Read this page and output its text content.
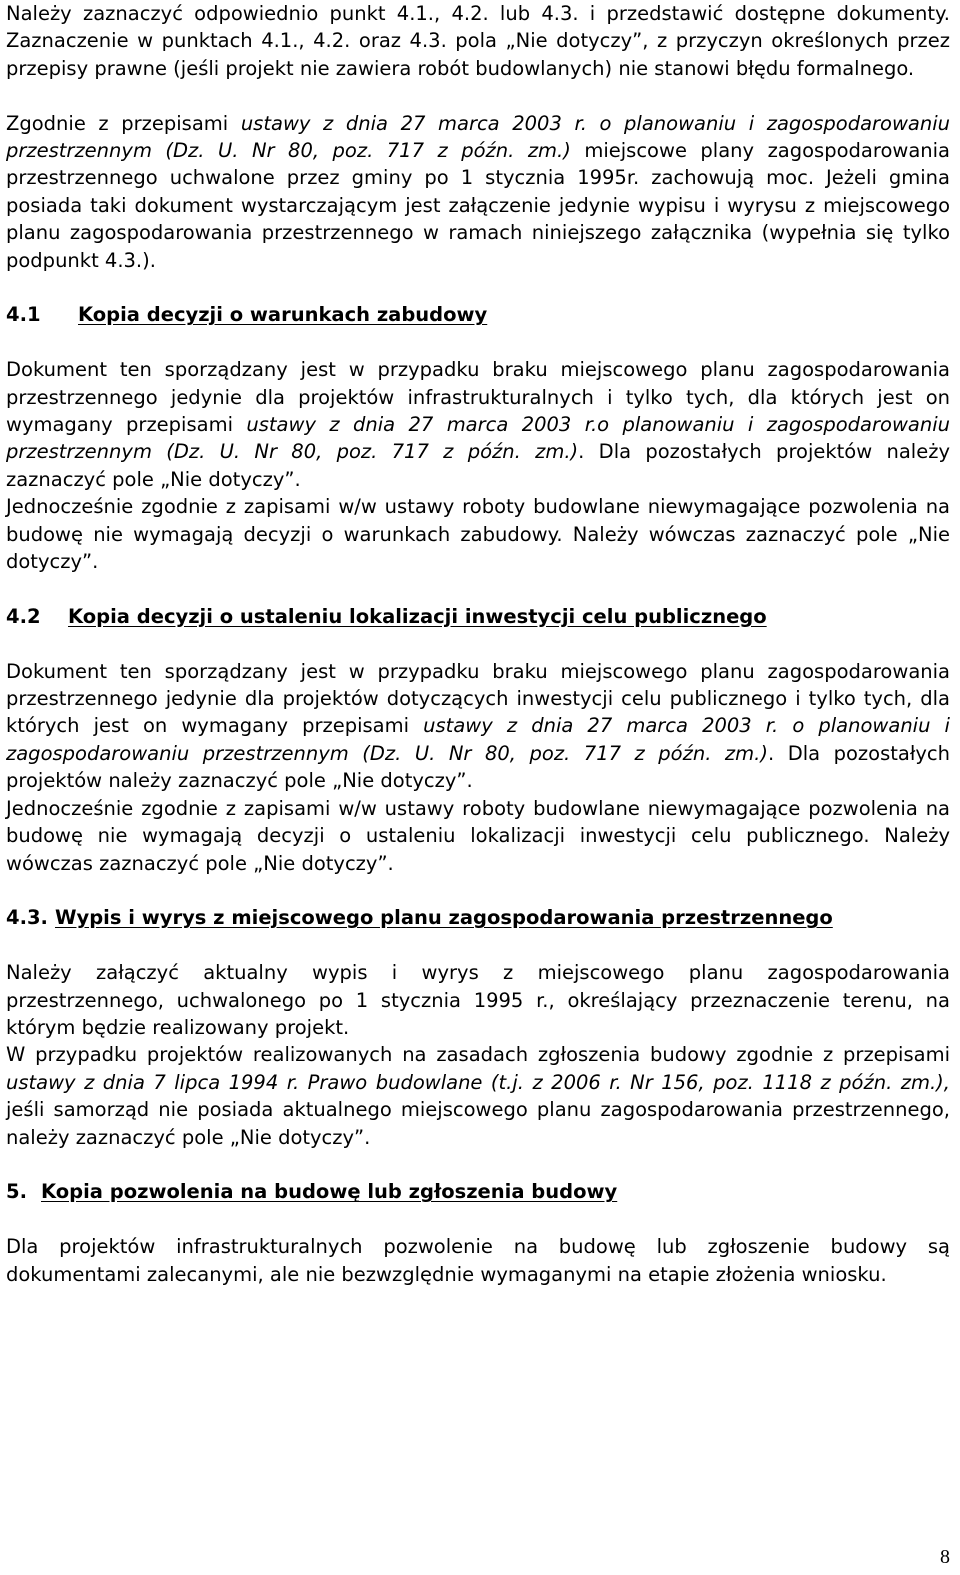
Należy zaznaczyć odpowiednio punkt 4.1., 4.2. lub 4.3. i przedstawić dostępne dokumenty. Zaznaczenie w punktach 4.1., 4.2. oraz 4.3. pola „Nie dotyczy”, z przyczyn określonych przez przepisy prawne (jeśli projekt nie zawiera robót budowlanych) nie stanowi błędu formalnego.

Zgodnie z przepisami ustawy z dnia 27 marca 2003 r. o planowaniu i zagospodarowaniu przestrzennym (Dz. U. Nr 80, poz. 717 z późn. zm.) miejscowe plany zagospodarowania przestrzennego uchwalone przez gminy po 1 stycznia 1995r. zachowują moc. Jeżeli gmina posiada taki dokument wystarczającym jest załączenie jedynie wypisu i wyrysu z miejscowego planu zagospodarowania przestrzennego w ramach niniejszego załącznika (wypełnia się tylko podpunkt 4.3.).

4.1	Kopia decyzji o warunkach zabudowy

Dokument ten sporządzany jest w przypadku braku miejscowego planu zagospodarowania przestrzennego jedynie dla projektów infrastrukturalnych i tylko tych, dla których jest on wymagany przepisami ustawy z dnia 27 marca 2003 r.o planowaniu i zagospodarowaniu przestrzennym (Dz. U. Nr 80, poz. 717 z późn. zm.). Dla pozostałych projektów należy zaznaczyć pole „Nie dotyczy”.

Jednocześnie zgodnie z zapisami w/w ustawy roboty budowlane niewymagające pozwolenia na budowę nie wymagają decyzji o warunkach zabudowy. Należy wówczas zaznaczyć pole „Nie dotyczy”.

4.2	Kopia decyzji o ustaleniu lokalizacji inwestycji celu publicznego

Dokument ten sporządzany jest w przypadku braku miejscowego planu zagospodarowania przestrzennego jedynie dla projektów dotyczących inwestycji celu publicznego i tylko tych, dla których jest on wymagany przepisami ustawy z dnia 27 marca 2003 r. o planowaniu i zagospodarowaniu przestrzennym (Dz. U. Nr 80, poz. 717 z późn. zm.). Dla pozostałych projektów należy zaznaczyć pole „Nie dotyczy”.

Jednocześnie zgodnie z zapisami w/w ustawy roboty budowlane niewymagające pozwolenia na budowę nie wymagają decyzji o ustaleniu lokalizacji inwestycji celu publicznego. Należy wówczas zaznaczyć pole „Nie dotyczy”.

4.3. Wypis i wyrys z miejscowego planu zagospodarowania przestrzennego

Należy załączyć aktualny wypis i wyrys z miejscowego planu zagospodarowania przestrzennego, uchwalonego po 1 stycznia 1995 r., określający przeznaczenie terenu, na którym będzie realizowany projekt.

W przypadku projektów realizowanych na zasadach zgłoszenia budowy zgodnie z przepisami ustawy z dnia 7 lipca 1994 r. Prawo budowlane (t.j. z 2006 r. Nr 156, poz. 1118 z późn. zm.), jeśli samorząd nie posiada aktualnego miejscowego planu zagospodarowania przestrzennego, należy zaznaczyć pole „Nie dotyczy”.

5. Kopia pozwolenia na budowę lub zgłoszenia budowy

Dla projektów infrastrukturalnych pozwolenie na budowę lub zgłoszenie budowy są dokumentami zalecanymi, ale nie bezwzględnie wymaganymi na etapie złożenia wniosku.

8
